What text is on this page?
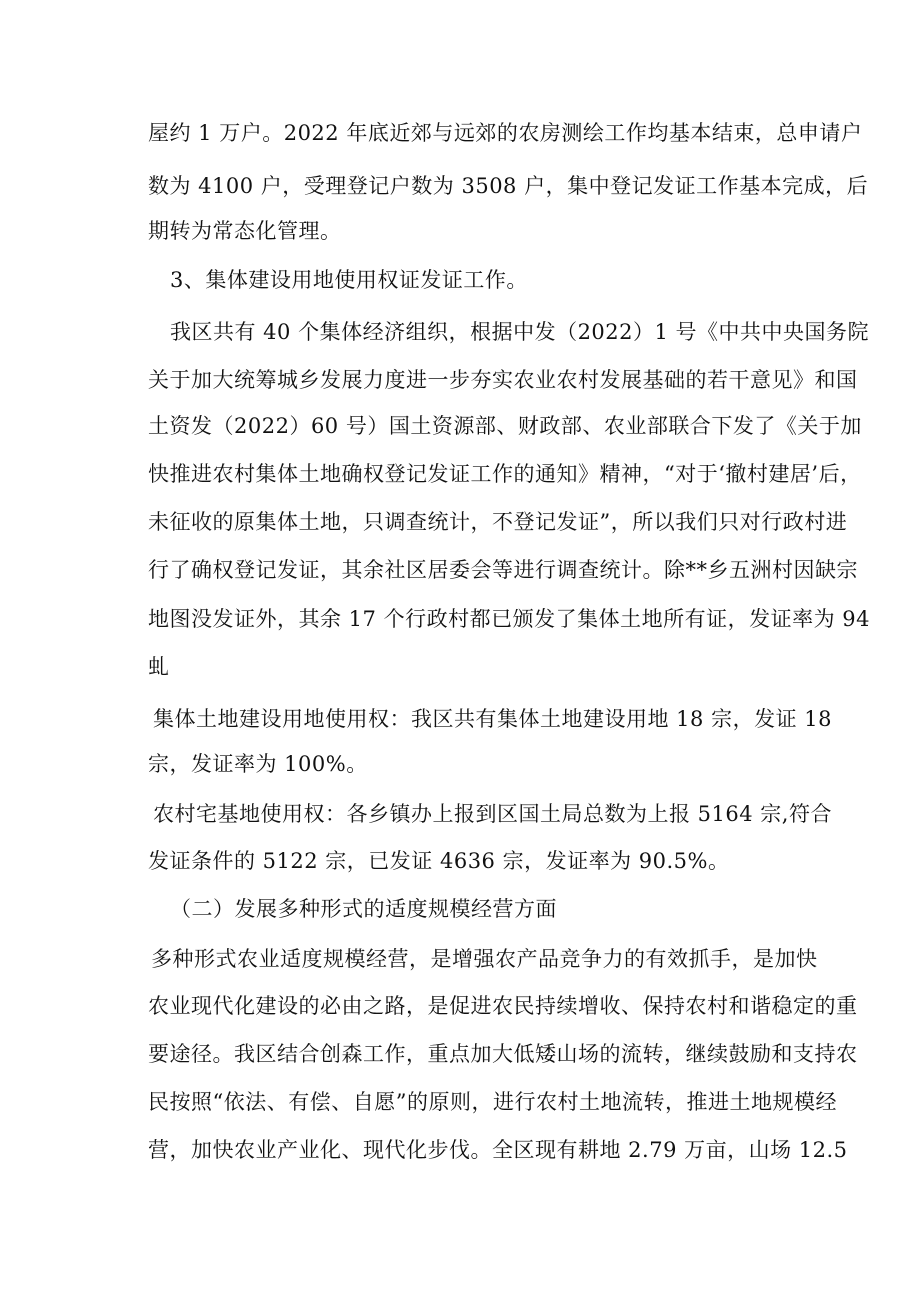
屋约 1 万户。2022 年底近郊与远郊的农房测绘工作均基本结束，总申请户
数为 4100 户，受理登记户数为 3508 户，集中登记发证工作基本完成，后
期转为常态化管理。
3、集体建设用地使用权证发证工作。
我区共有 40 个集体经济组织，根据中发（2022）1 号《中共中央国务院
关于加大统筹城乡发展力度进一步夯实农业农村发展基础的若干意见》和国
土资发（2022）60 号）国土资源部、财政部、农业部联合下发了《关于加
快推进农村集体土地确权登记发证工作的通知》精神，“对于‘撤村建居’后，
未征收的原集体土地，只调查统计，不登记发证”，所以我们只对行政村进
行了确权登记发证，其余社区居委会等进行调查统计。除**乡五洲村因缺宗
地图没发证外，其余 17 个行政村都已颁发了集体土地所有证，发证率为 94
虬
集体土地建设用地使用权：我区共有集体土地建设用地 18 宗，发证 18
宗，发证率为 100%。
农村宅基地使用权：各乡镇办上报到区国土局总数为上报 5164 宗,符合
发证条件的 5122 宗，已发证 4636 宗，发证率为 90.5%。
（二）发展多种形式的适度规模经营方面
多种形式农业适度规模经营，是增强农产品竞争力的有效抓手，是加快
农业现代化建设的必由之路，是促进农民持续增收、保持农村和谐稳定的重
要途径。我区结合创森工作，重点加大低矮山场的流转，继续鼓励和支持农
民按照“依法、有偿、自愿”的原则，进行农村土地流转，推进土地规模经
营，加快农业产业化、现代化步伐。全区现有耕地 2.79 万亩，山场 12.5
